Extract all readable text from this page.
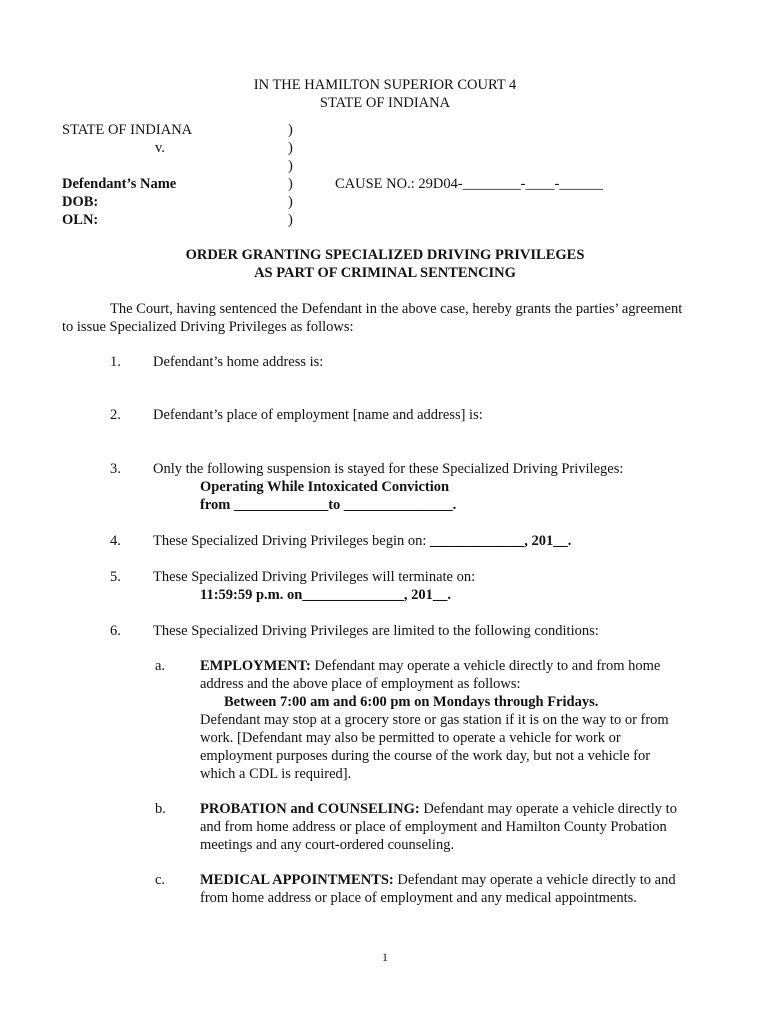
IN THE HAMILTON SUPERIOR COURT 4
STATE OF INDIANA
STATE OF INDIANA
v.
Defendant’s Name
DOB:
OLN:
)
)
)
)
)
)
CAUSE NO.: 29D04-________-____-______
ORDER GRANTING SPECIALIZED DRIVING PRIVILEGES
AS PART OF CRIMINAL SENTENCING
The Court, having sentenced the Defendant in the above case, hereby grants the parties’ agreement
to issue Specialized Driving Privileges as follows:
1. Defendant’s home address is:
2. Defendant’s place of employment [name and address] is:
3. Only the following suspension is stayed for these Specialized Driving Privileges:
Operating While Intoxicated Conviction
from _____________to _______________.
4. These Specialized Driving Privileges begin on: _____________, 201__.
5. These Specialized Driving Privileges will terminate on:
11:59:59 p.m. on______________, 201__.
6. These Specialized Driving Privileges are limited to the following conditions:
a. EMPLOYMENT: Defendant may operate a vehicle directly to and from home
address and the above place of employment as follows:
Between 7:00 am and 6:00 pm on Mondays through Fridays.
Defendant may stop at a grocery store or gas station if it is on the way to or from
work. [Defendant may also be permitted to operate a vehicle for work or
employment purposes during the course of the work day, but not a vehicle for
which a CDL is required].
b. PROBATION and COUNSELING: Defendant may operate a vehicle directly to
and from home address or place of employment and Hamilton County Probation
meetings and any court-ordered counseling.
c. MEDICAL APPOINTMENTS: Defendant may operate a vehicle directly to and
from home address or place of employment and any medical appointments.
1
